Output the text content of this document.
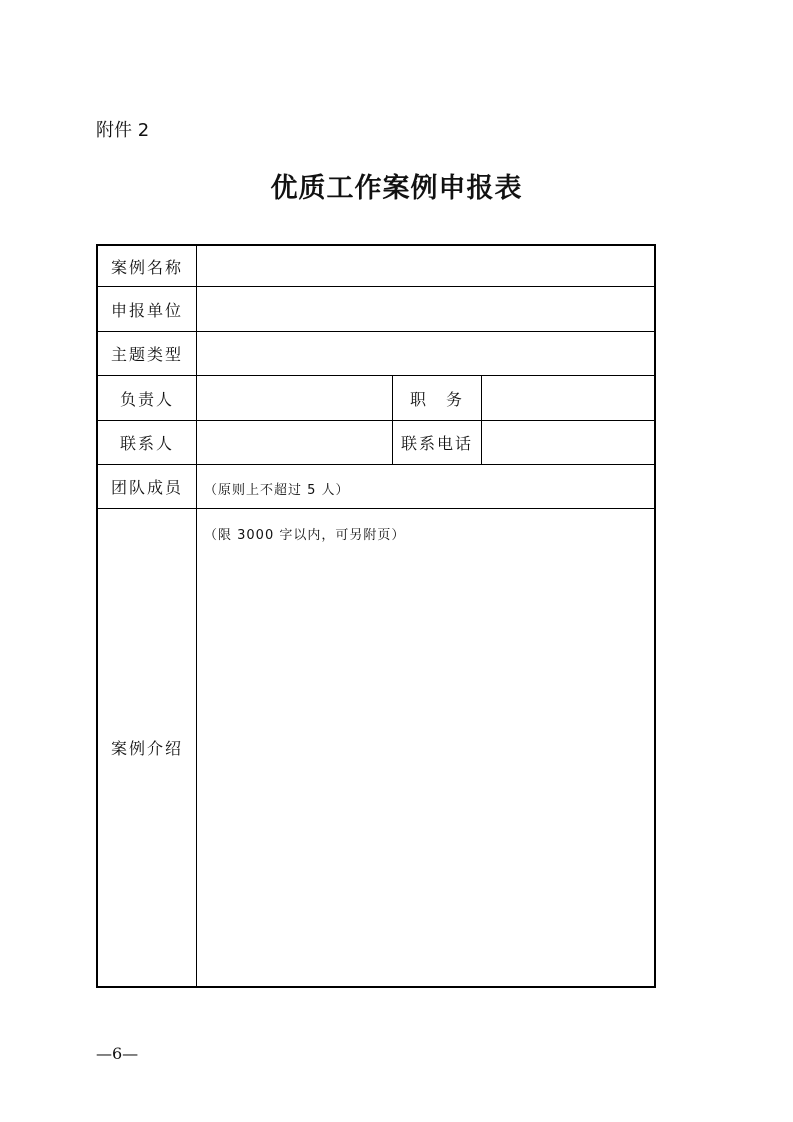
附件 2
优质工作案例申报表
案例名称
申报单位
主题类型
负责人	职　务
联系人	联系电话
团队成员
案例介绍
（原则上不超过 5 人）
（限 3000 字以内，可另附页）
—6—
